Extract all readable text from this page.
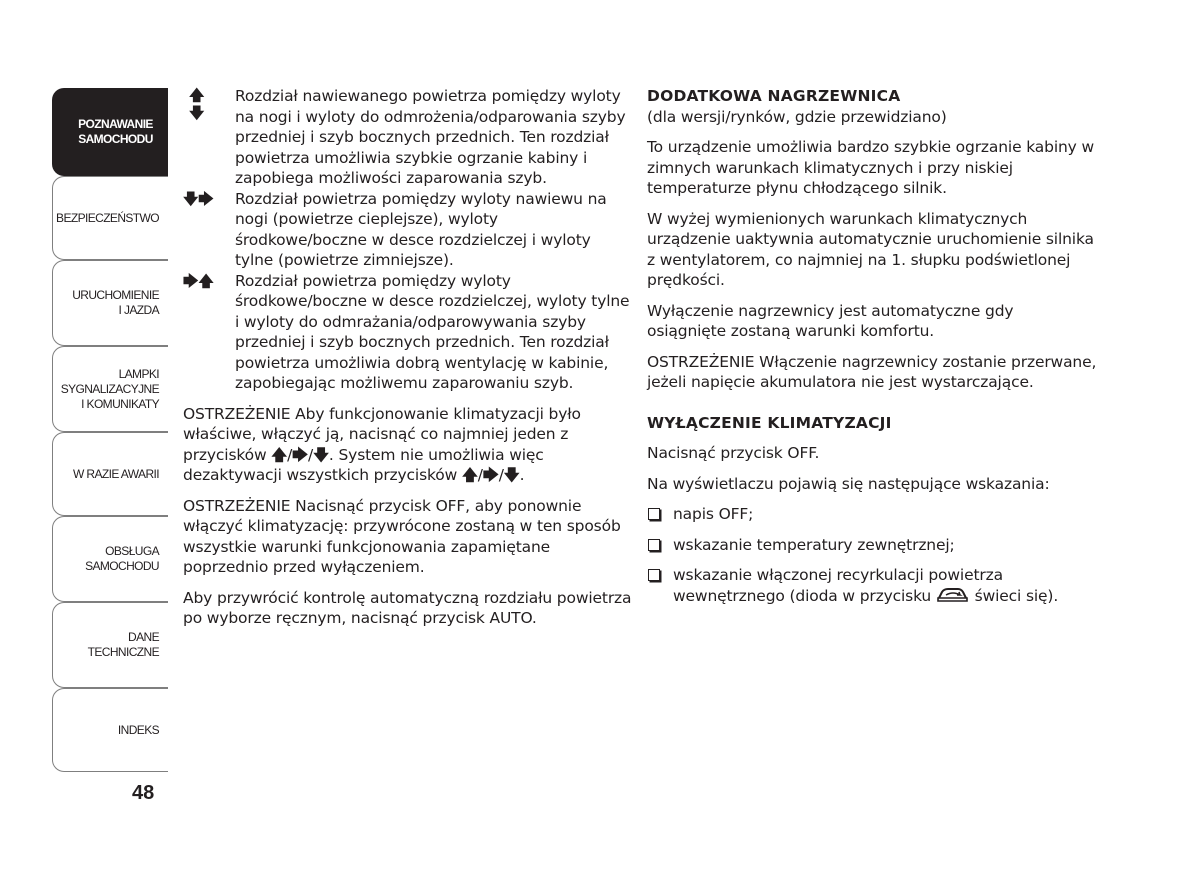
POZNAWANIE
SAMOCHODU
BEZPIECZEŃSTWO
URUCHOMIENIE
I JAZDA
LAMPKI
SYGNALIZACYJNE
I KOMUNIKATY
W RAZIE AWARII
OBSŁUGA
SAMOCHODU
DANE
TECHNICZNE
INDEKS
48
🡅
🡇

Rozdział nawiewanego powietrza pomiędzy wyloty na nogi i wyloty do odmrożenia/odparowania szyby przedniej i szyb bocznych przednich. Ten rozdział powietrza umożliwia szybkie ogrzanie kabiny i zapobiega możliwości zaparowania szyb.

🡇🡆	Rozdział powietrza pomiędzy wyloty nawiewu na nogi (powietrze cieplejsze), wyloty środkowe/boczne w desce rozdzielczej i wyloty tylne (powietrze zimniejsze).

🡆🡅	Rozdział powietrza pomiędzy wyloty środkowe/boczne w desce rozdzielczej, wyloty tylne i wyloty do odmrażania/odparowywania szyby przedniej i szyb bocznych przednich. Ten rozdział powietrza umożliwia dobrą wentylację w kabinie, zapobiegając możliwemu zaparowaniu szyb.

OSTRZEŻENIE Aby funkcjonowanie klimatyzacji było właściwe, włączyć ją, nacisnąć co najmniej jeden z przycisków 🡅/🡆/🡇. System nie umożliwia więc dezaktywacji wszystkich przycisków 🡅/🡆/🡇.

OSTRZEŻENIE Nacisnąć przycisk OFF, aby ponownie włączyć klimatyzację: przywrócone zostaną w ten sposób wszystkie warunki funkcjonowania zapamiętane poprzednio przed wyłączeniem.

Aby przywrócić kontrolę automatyczną rozdziału powietrza po wyborze ręcznym, nacisnąć przycisk AUTO.

DODATKOWA NAGRZEWNICA
(dla wersji/rynków, gdzie przewidziano)

To urządzenie umożliwia bardzo szybkie ogrzanie kabiny w zimnych warunkach klimatycznych i przy niskiej temperaturze płynu chłodzącego silnik.

W wyżej wymienionych warunkach klimatycznych urządzenie uaktywnia automatycznie uruchomienie silnika z wentylatorem, co najmniej na 1. słupku podświetlonej prędkości.

Wyłączenie nagrzewnicy jest automatyczne gdy osiągnięte zostaną warunki komfortu.

OSTRZEŻENIE Włączenie nagrzewnicy zostanie przerwane, jeżeli napięcie akumulatora nie jest wystarczające.

WYŁĄCZENIE KLIMATYZACJI

Nacisnąć przycisk OFF.

Na wyświetlaczu pojawią się następujące wskazania:

napis OFF;
wskazanie temperatury zewnętrznej;
wskazanie włączonej recyrkulacji powietrza wewnętrznego (dioda w przycisku	świeci się).
